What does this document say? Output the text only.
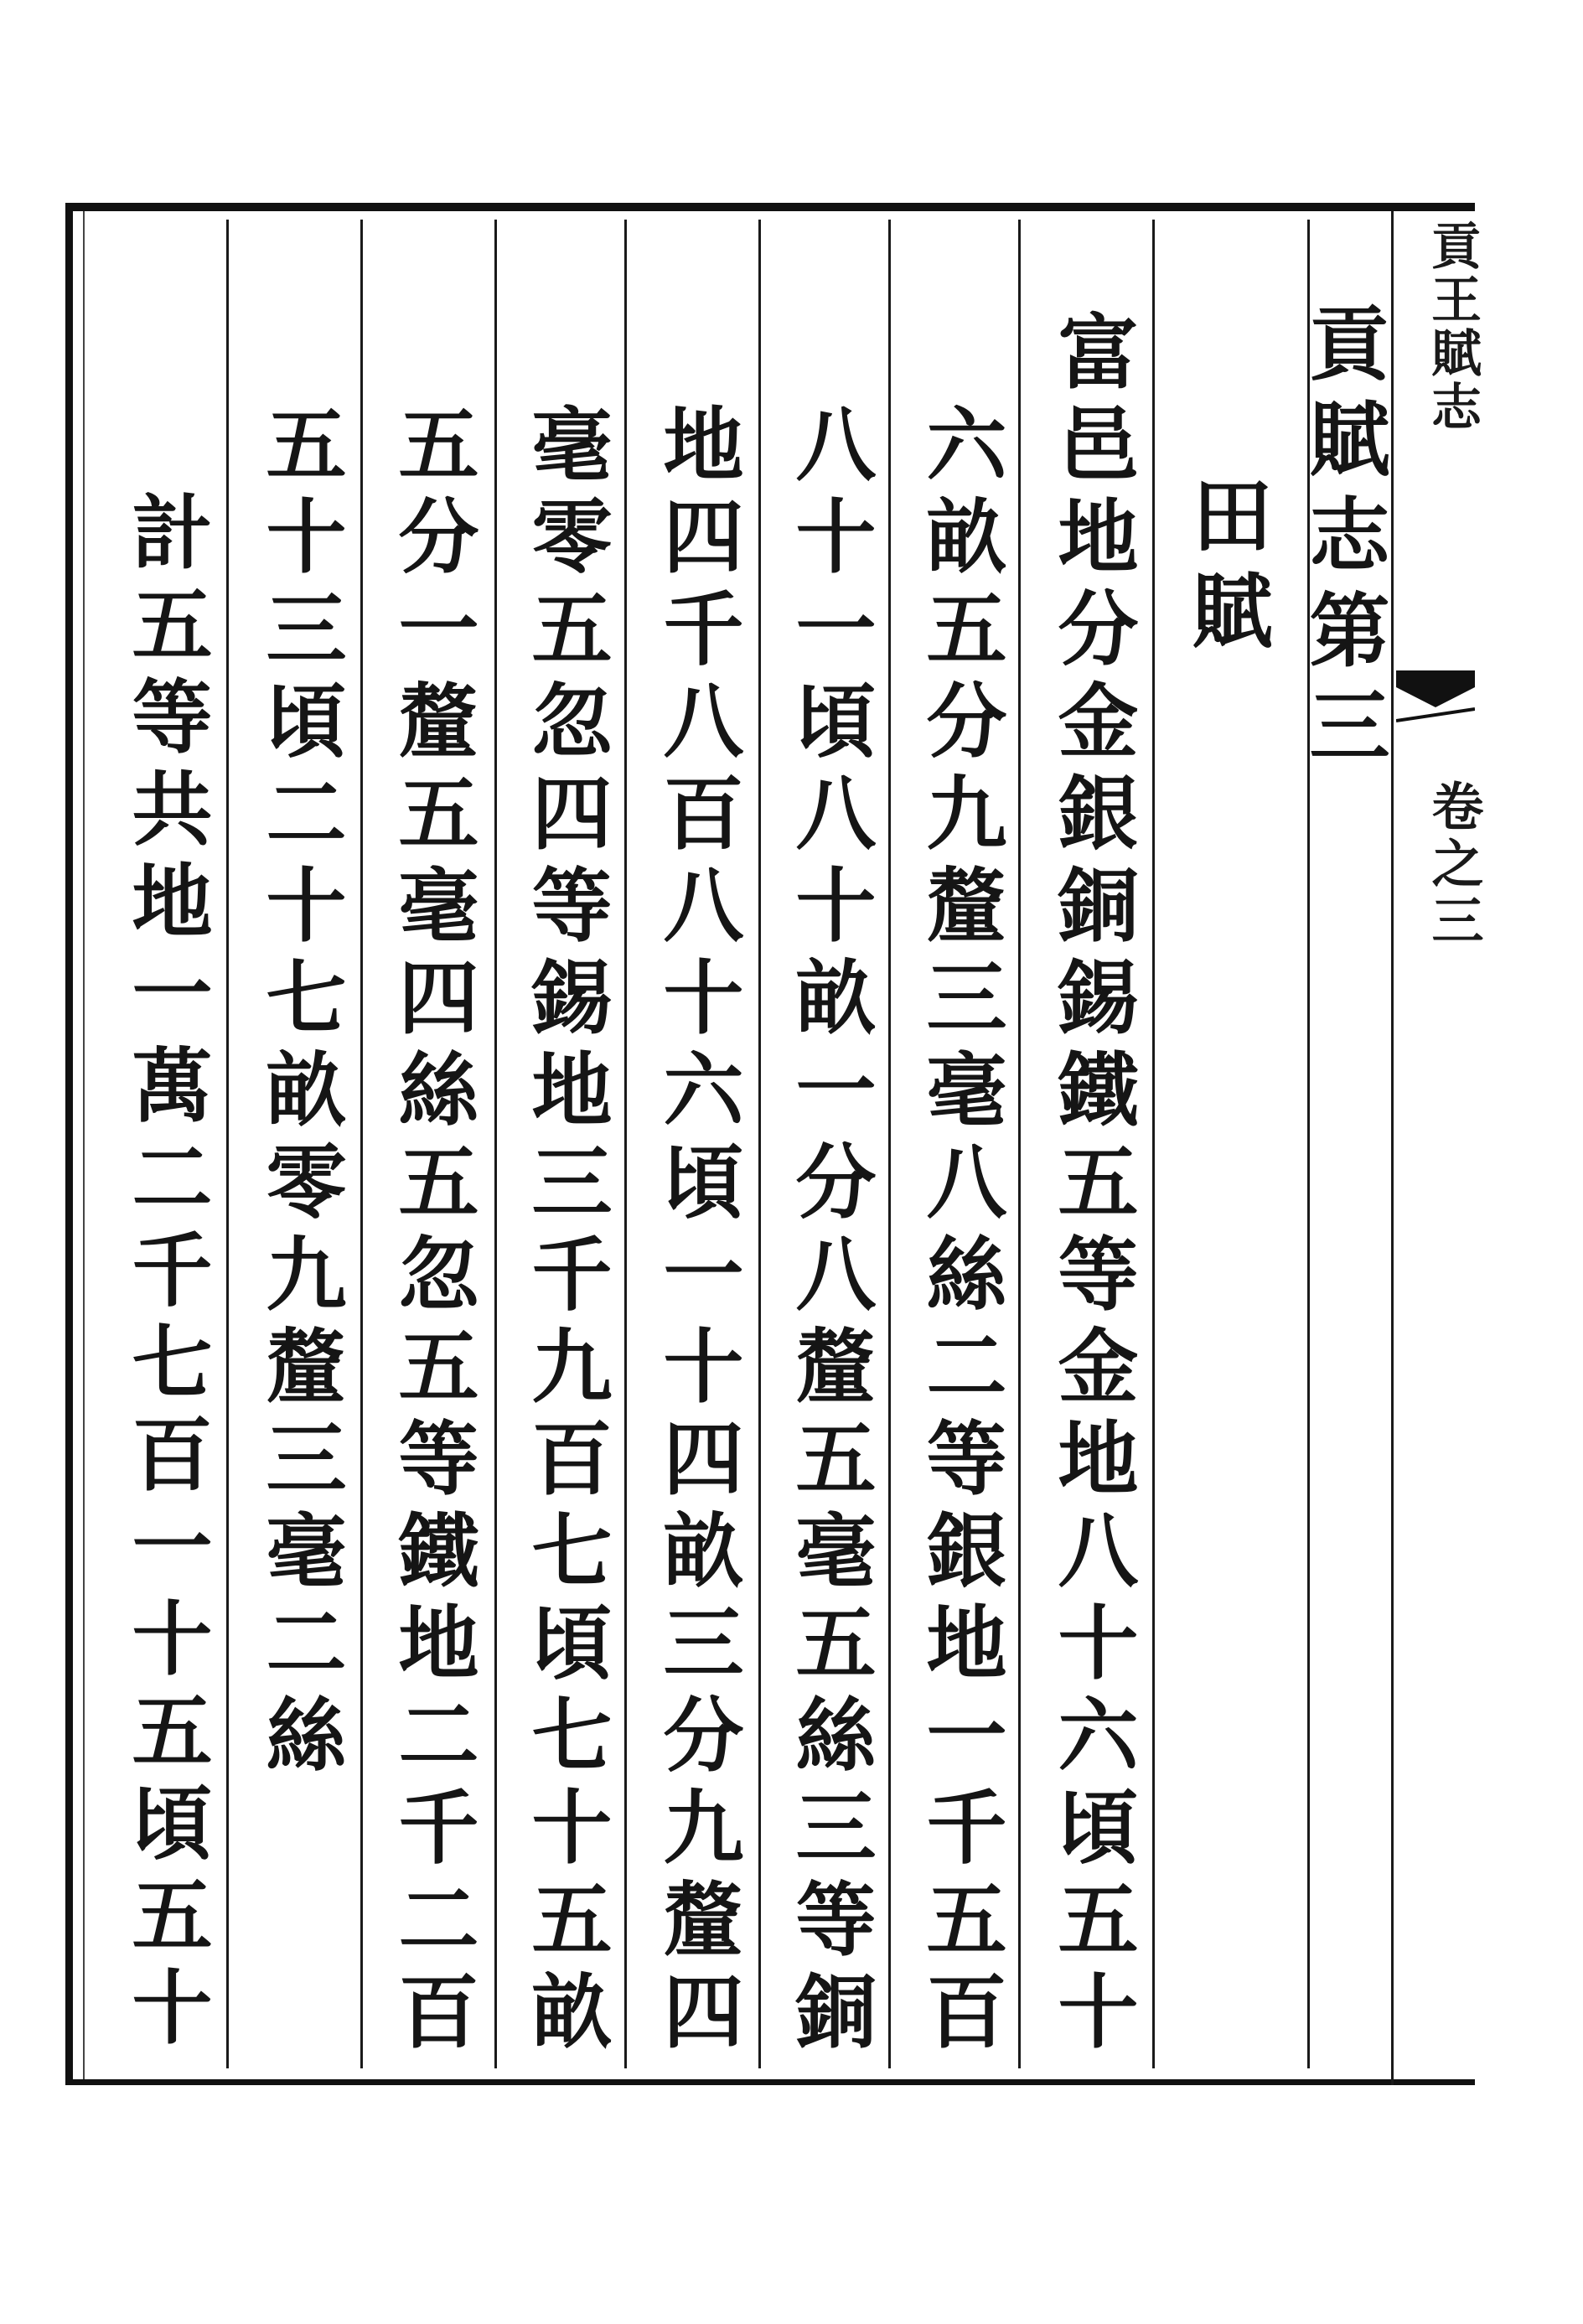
貢王賦志
卷之三
貢賦志第三
田賦
富邑地分金銀銅錫鐵五等金地八十六頃五十
六畝五分九釐三毫八絲二等銀地一千五百
八十一頃八十畝一分八釐五毫五絲三等銅
地四千八百八十六頃一十四畝三分九釐四
毫零五忽四等錫地三千九百七頃七十五畝
五分一釐五毫四絲五忽五等鐵地二千二百
五十三頃二十七畝零九釐三毫二絲
計五等共地一萬二千七百一十五頃五十
